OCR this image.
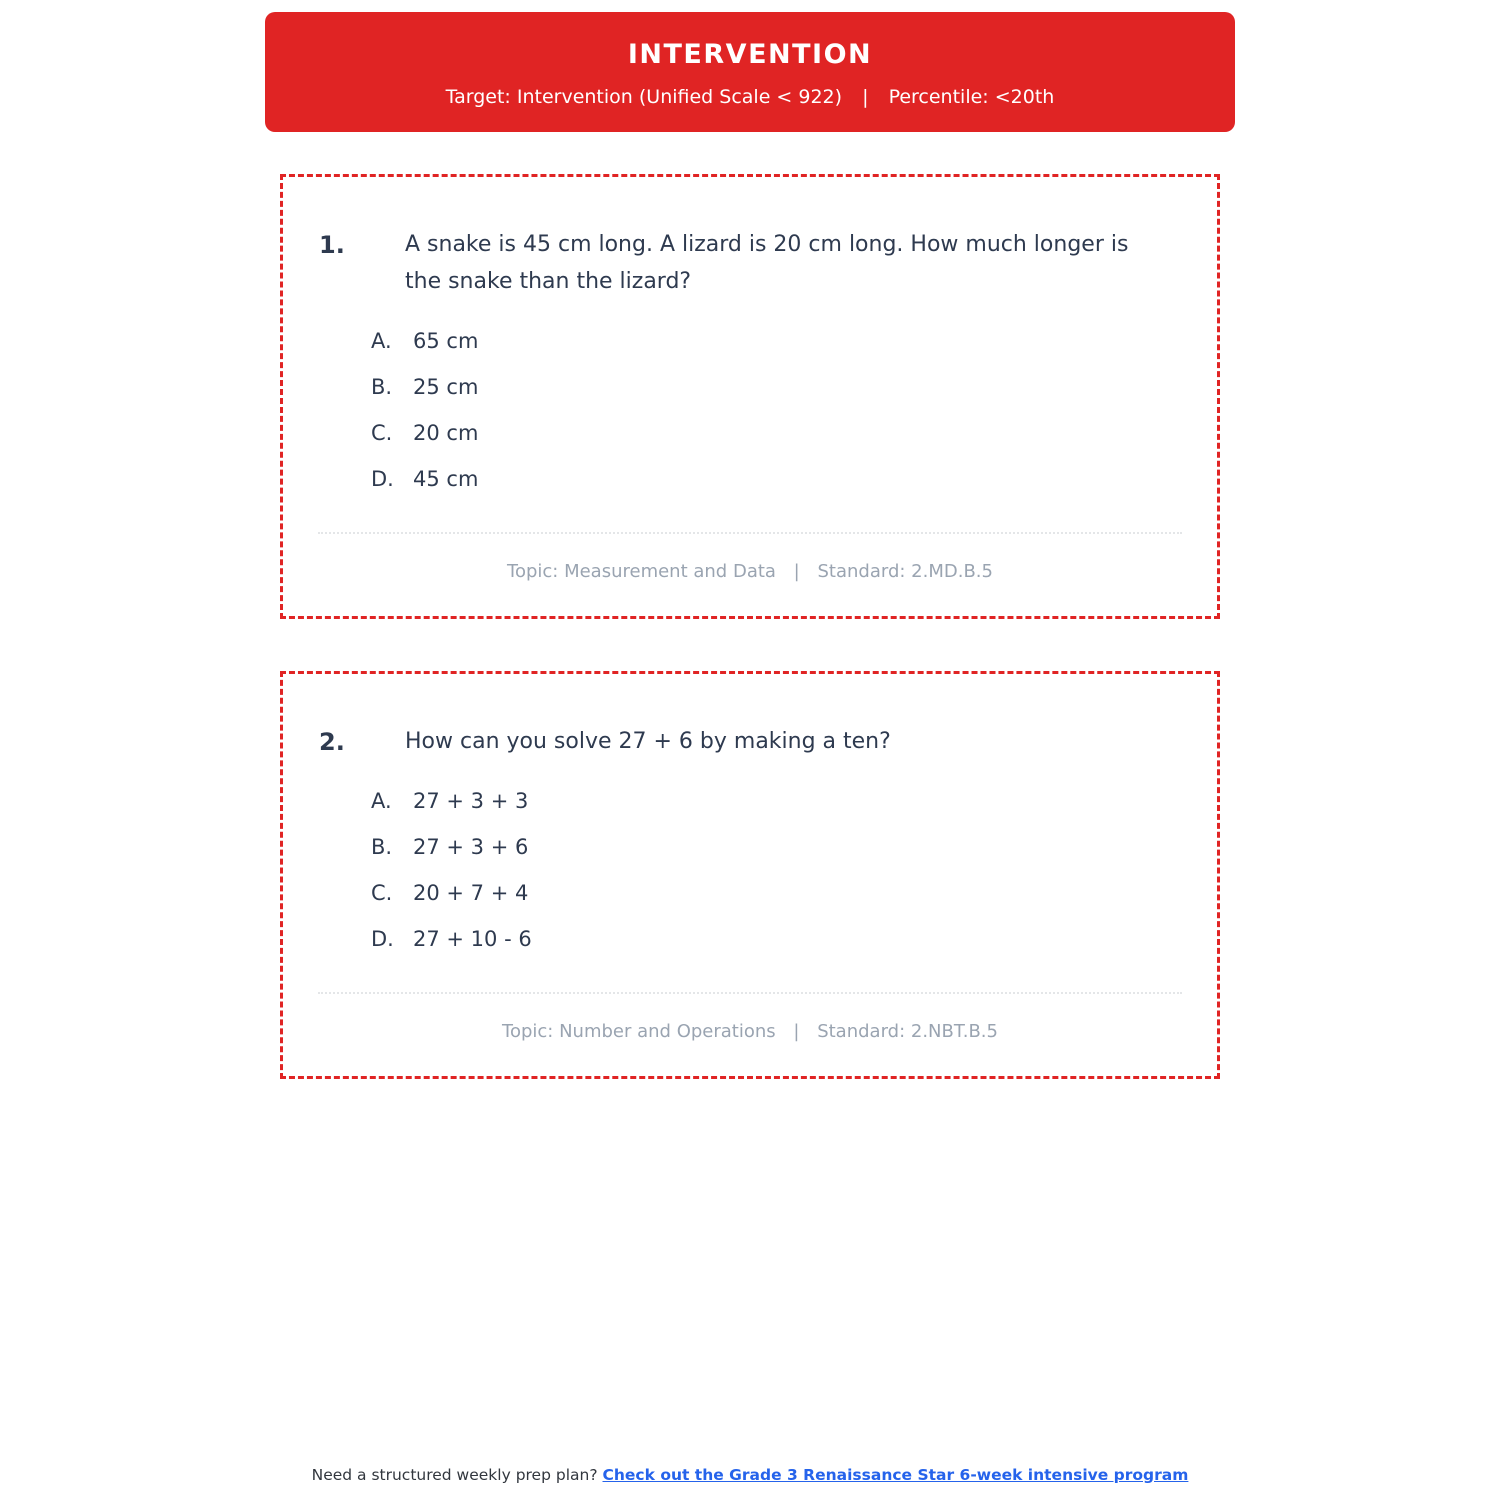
INTERVENTION
Target: Intervention (Unified Scale < 922) | Percentile: <20th
1.	A snake is 45 cm long. A lizard is 20 cm long. How much longer is the snake than the lizard?
A.	65 cm
B. 25 cm
C. 20 cm
D. 45 cm
Topic: Measurement and Data | Standard: 2.MD.B.5
2.	How can you solve 27 + 6 by making a ten?
A.	27 + 3 + 3
B. 27 + 3 + 6
C. 20 + 7 + 4
D. 27 + 10 - 6
Topic: Number and Operations | Standard: 2.NBT.B.5
Need a structured weekly prep plan? Check out the Grade 3 Renaissance Star 6-week intensive program
